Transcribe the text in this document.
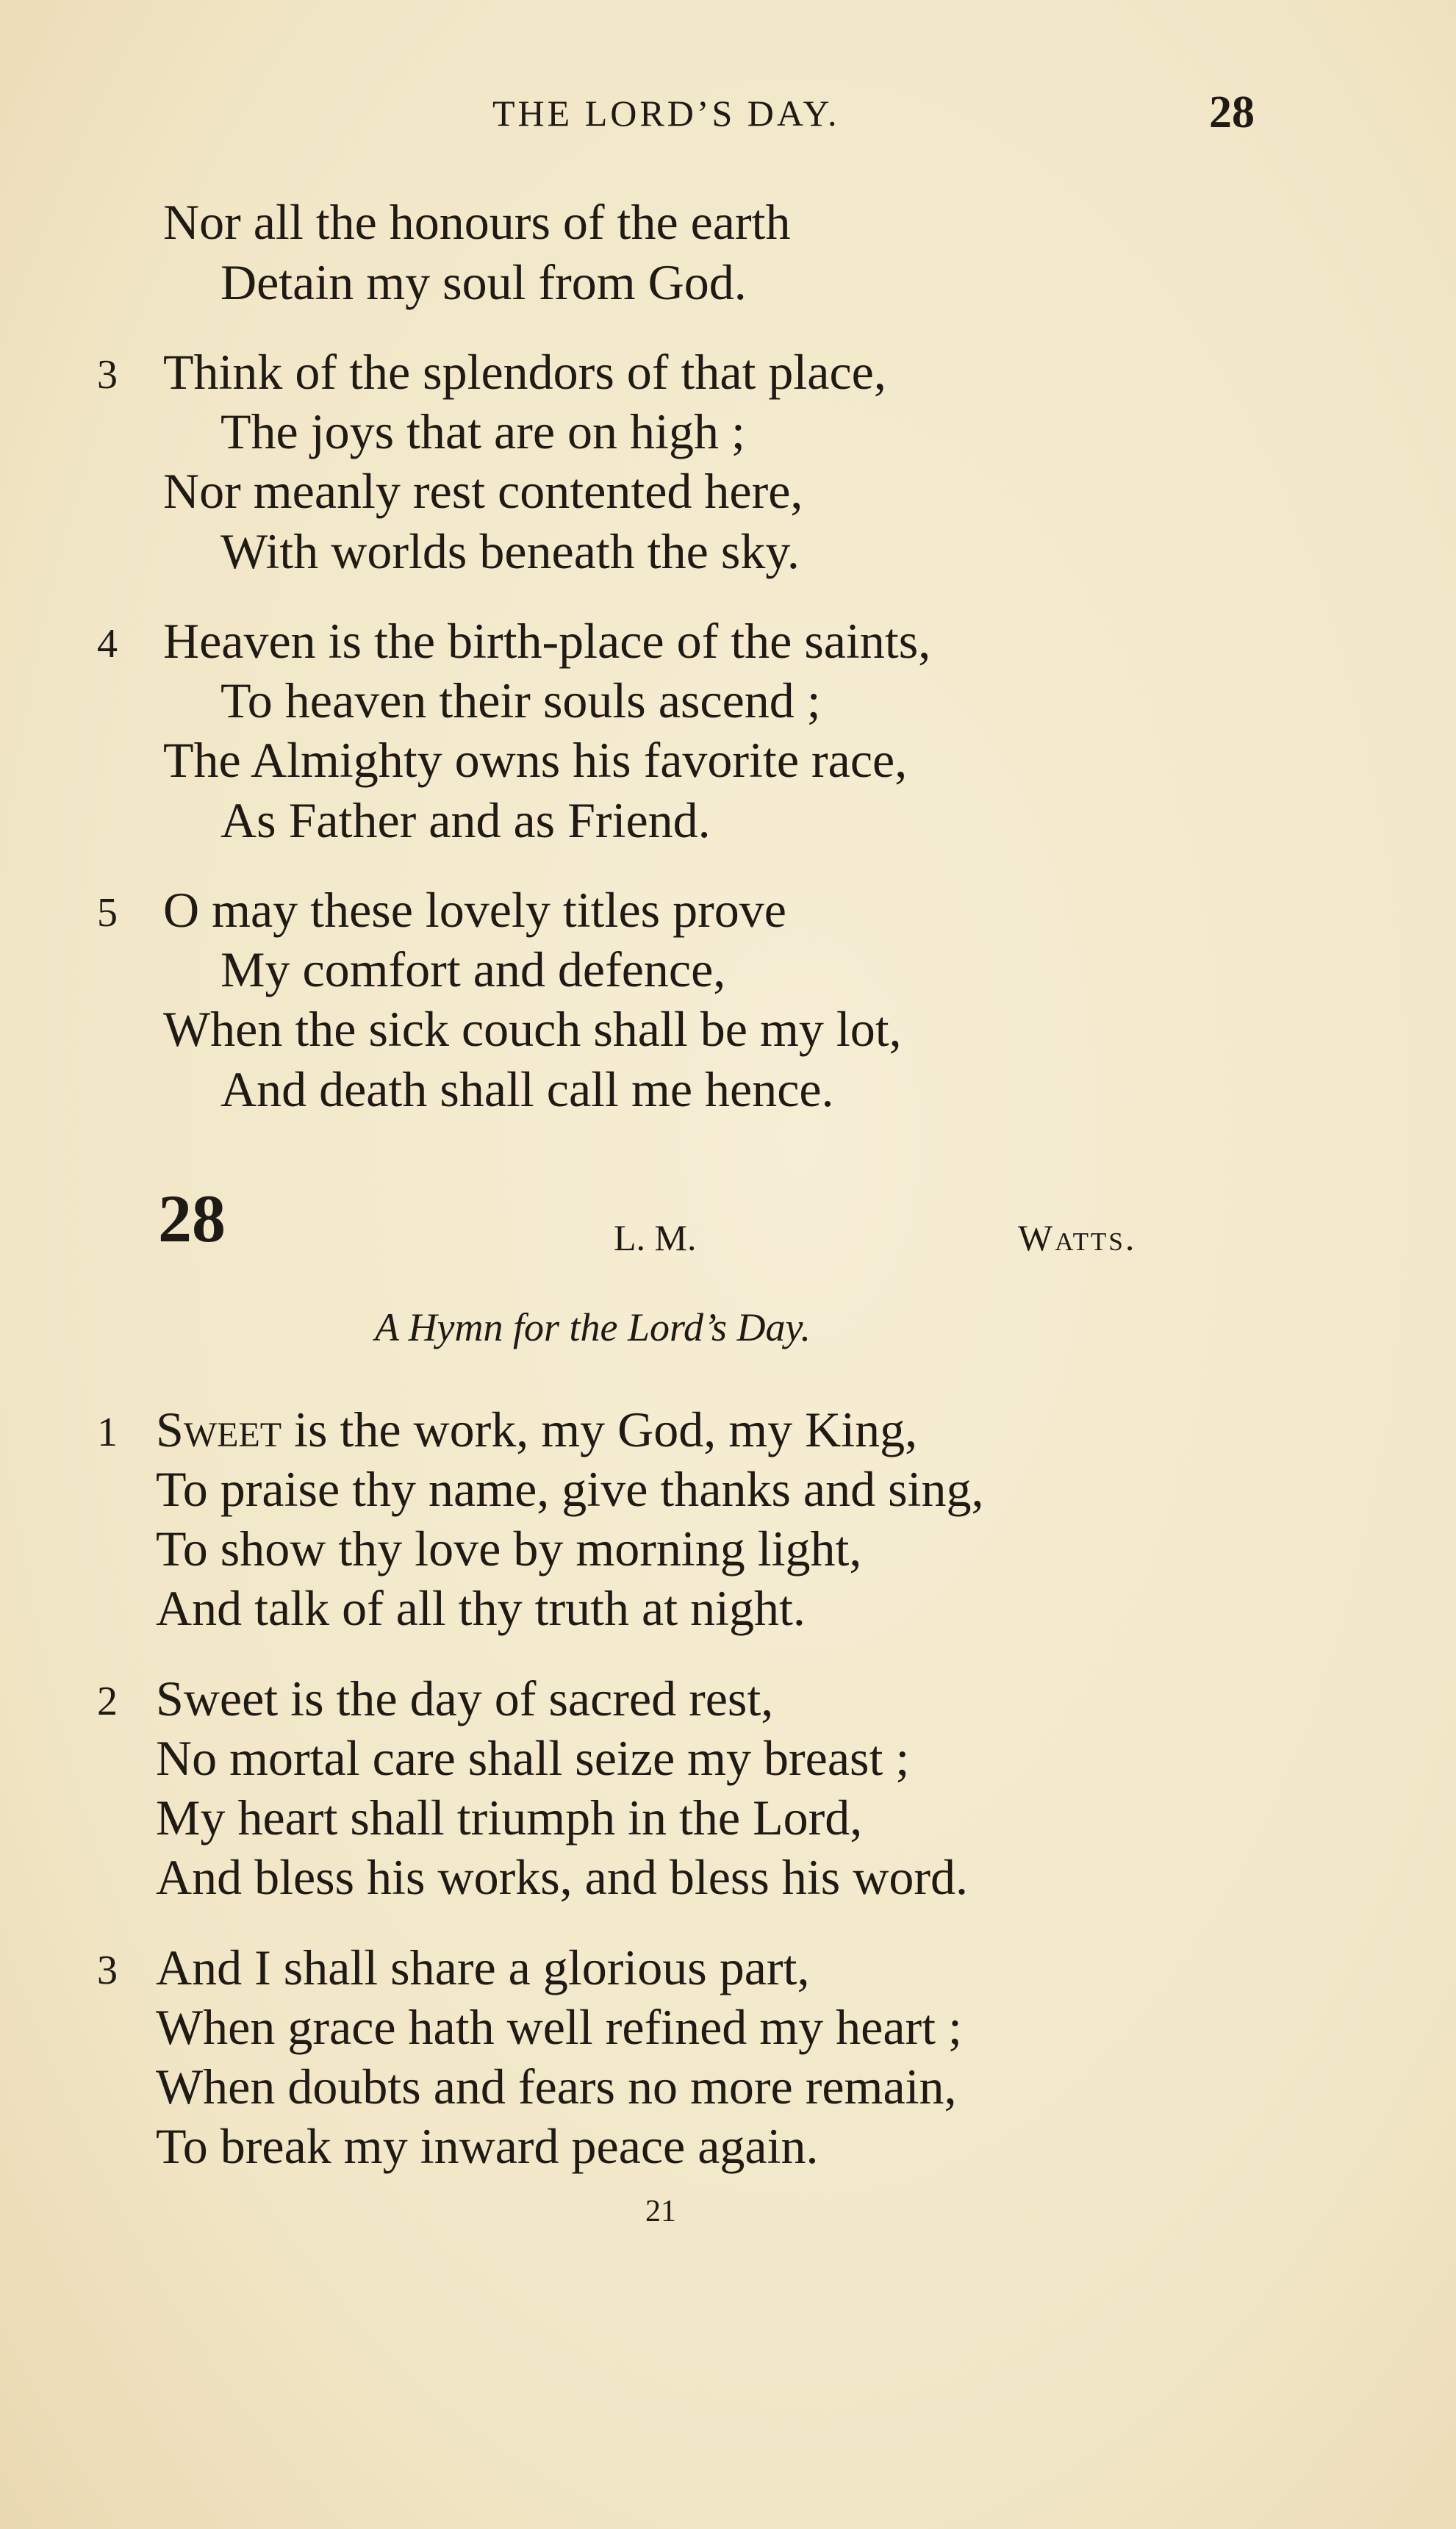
THE LORD’S DAY.	28
Nor all the honours of the earth
Detain my soul from God.
3 Think of the splendors of that place,
The joys that are on high ;
Nor meanly rest contented here,
With worlds beneath the sky.
4 Heaven is the birth-place of the saints,
To heaven their souls ascend ;
The Almighty owns his favorite race,
As Father and as Friend.
5 O may these lovely titles prove
My comfort and defence,
When the sick couch shall be my lot,
And death shall call me hence.
28	L. M.	Watts.
A Hymn for the Lord’s Day.
1 Sweet is the work, my God, my King,
To praise thy name, give thanks and sing,
To show thy love by morning light,
And talk of all thy truth at night.
2 Sweet is the day of sacred rest,
No mortal care shall seize my breast ;
My heart shall triumph in the Lord,
And bless his works, and bless his word.
3 And I shall share a glorious part,
When grace hath well refined my heart ;
When doubts and fears no more remain,
To break my inward peace again.
21
